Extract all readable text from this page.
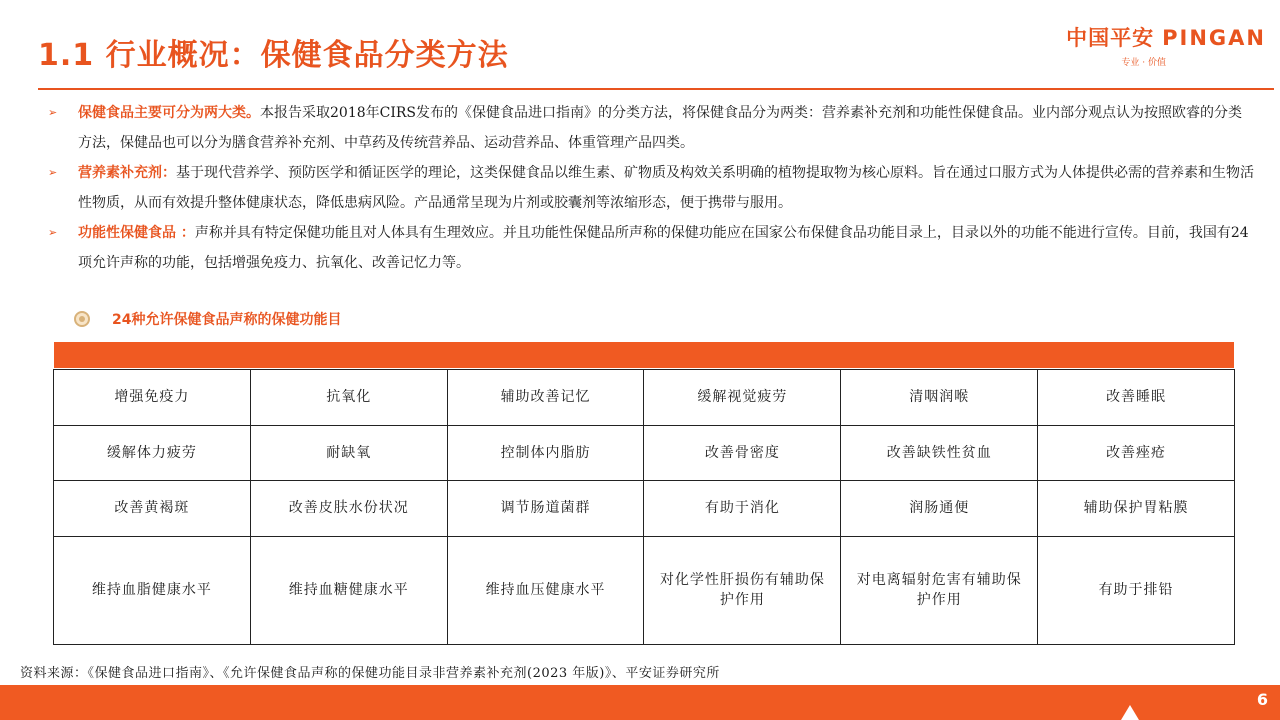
1.1 行业概况：保健食品分类方法	中国平安 PINGAN
专业 · 价值
➢ 保健食品主要可分为两大类。本报告采取2018年CIRS发布的《保健食品进口指南》的分类方法，将保健食品分为两类：营养素补充剂和功能性保健食品。业内部分观点认为按照欧睿的分类方法，保健品也可以分为膳食营养补充剂、中草药及传统营养品、运动营养品、体重管理产品四类。
➢ 营养素补充剂：基于现代营养学、预防医学和循证医学的理论，这类保健食品以维生素、矿物质及构效关系明确的植物提取物为核心原料。旨在通过口服方式为人体提供必需的营养素和生物活性物质，从而有效提升整体健康状态，降低患病风险。产品通常呈现为片剂或胶囊剂等浓缩形态，便于携带与服用。
➢ 功能性保健食品 ：声称并具有特定保健功能且对人体具有生理效应。并且功能性保健品所声称的保健功能应在国家公布保健食品功能目录上，目录以外的功能不能进行宣传。目前，我国有24项允许声称的功能，包括增强免疫力、抗氧化、改善记忆力等。
24种允许保健食品声称的保健功能目
增强免疫力	抗氧化	辅助改善记忆	缓解视觉疲劳	清咽润喉	改善睡眠
缓解体力疲劳	耐缺氧	控制体内脂肪	改善骨密度	改善缺铁性贫血	改善痤疮
改善黄褐斑	改善皮肤水份状况	调节肠道菌群	有助于消化	润肠通便	辅助保护胃粘膜
维持血脂健康水平	维持血糖健康水平	维持血压健康水平	对化学性肝损伤有辅助保护作用	对电离辐射危害有辅助保护作用	有助于排铅
资料来源：《保健食品进口指南》、《允许保健食品声称的保健功能目录非营养素补充剂(2023 年版)》、平安证券研究所
6
